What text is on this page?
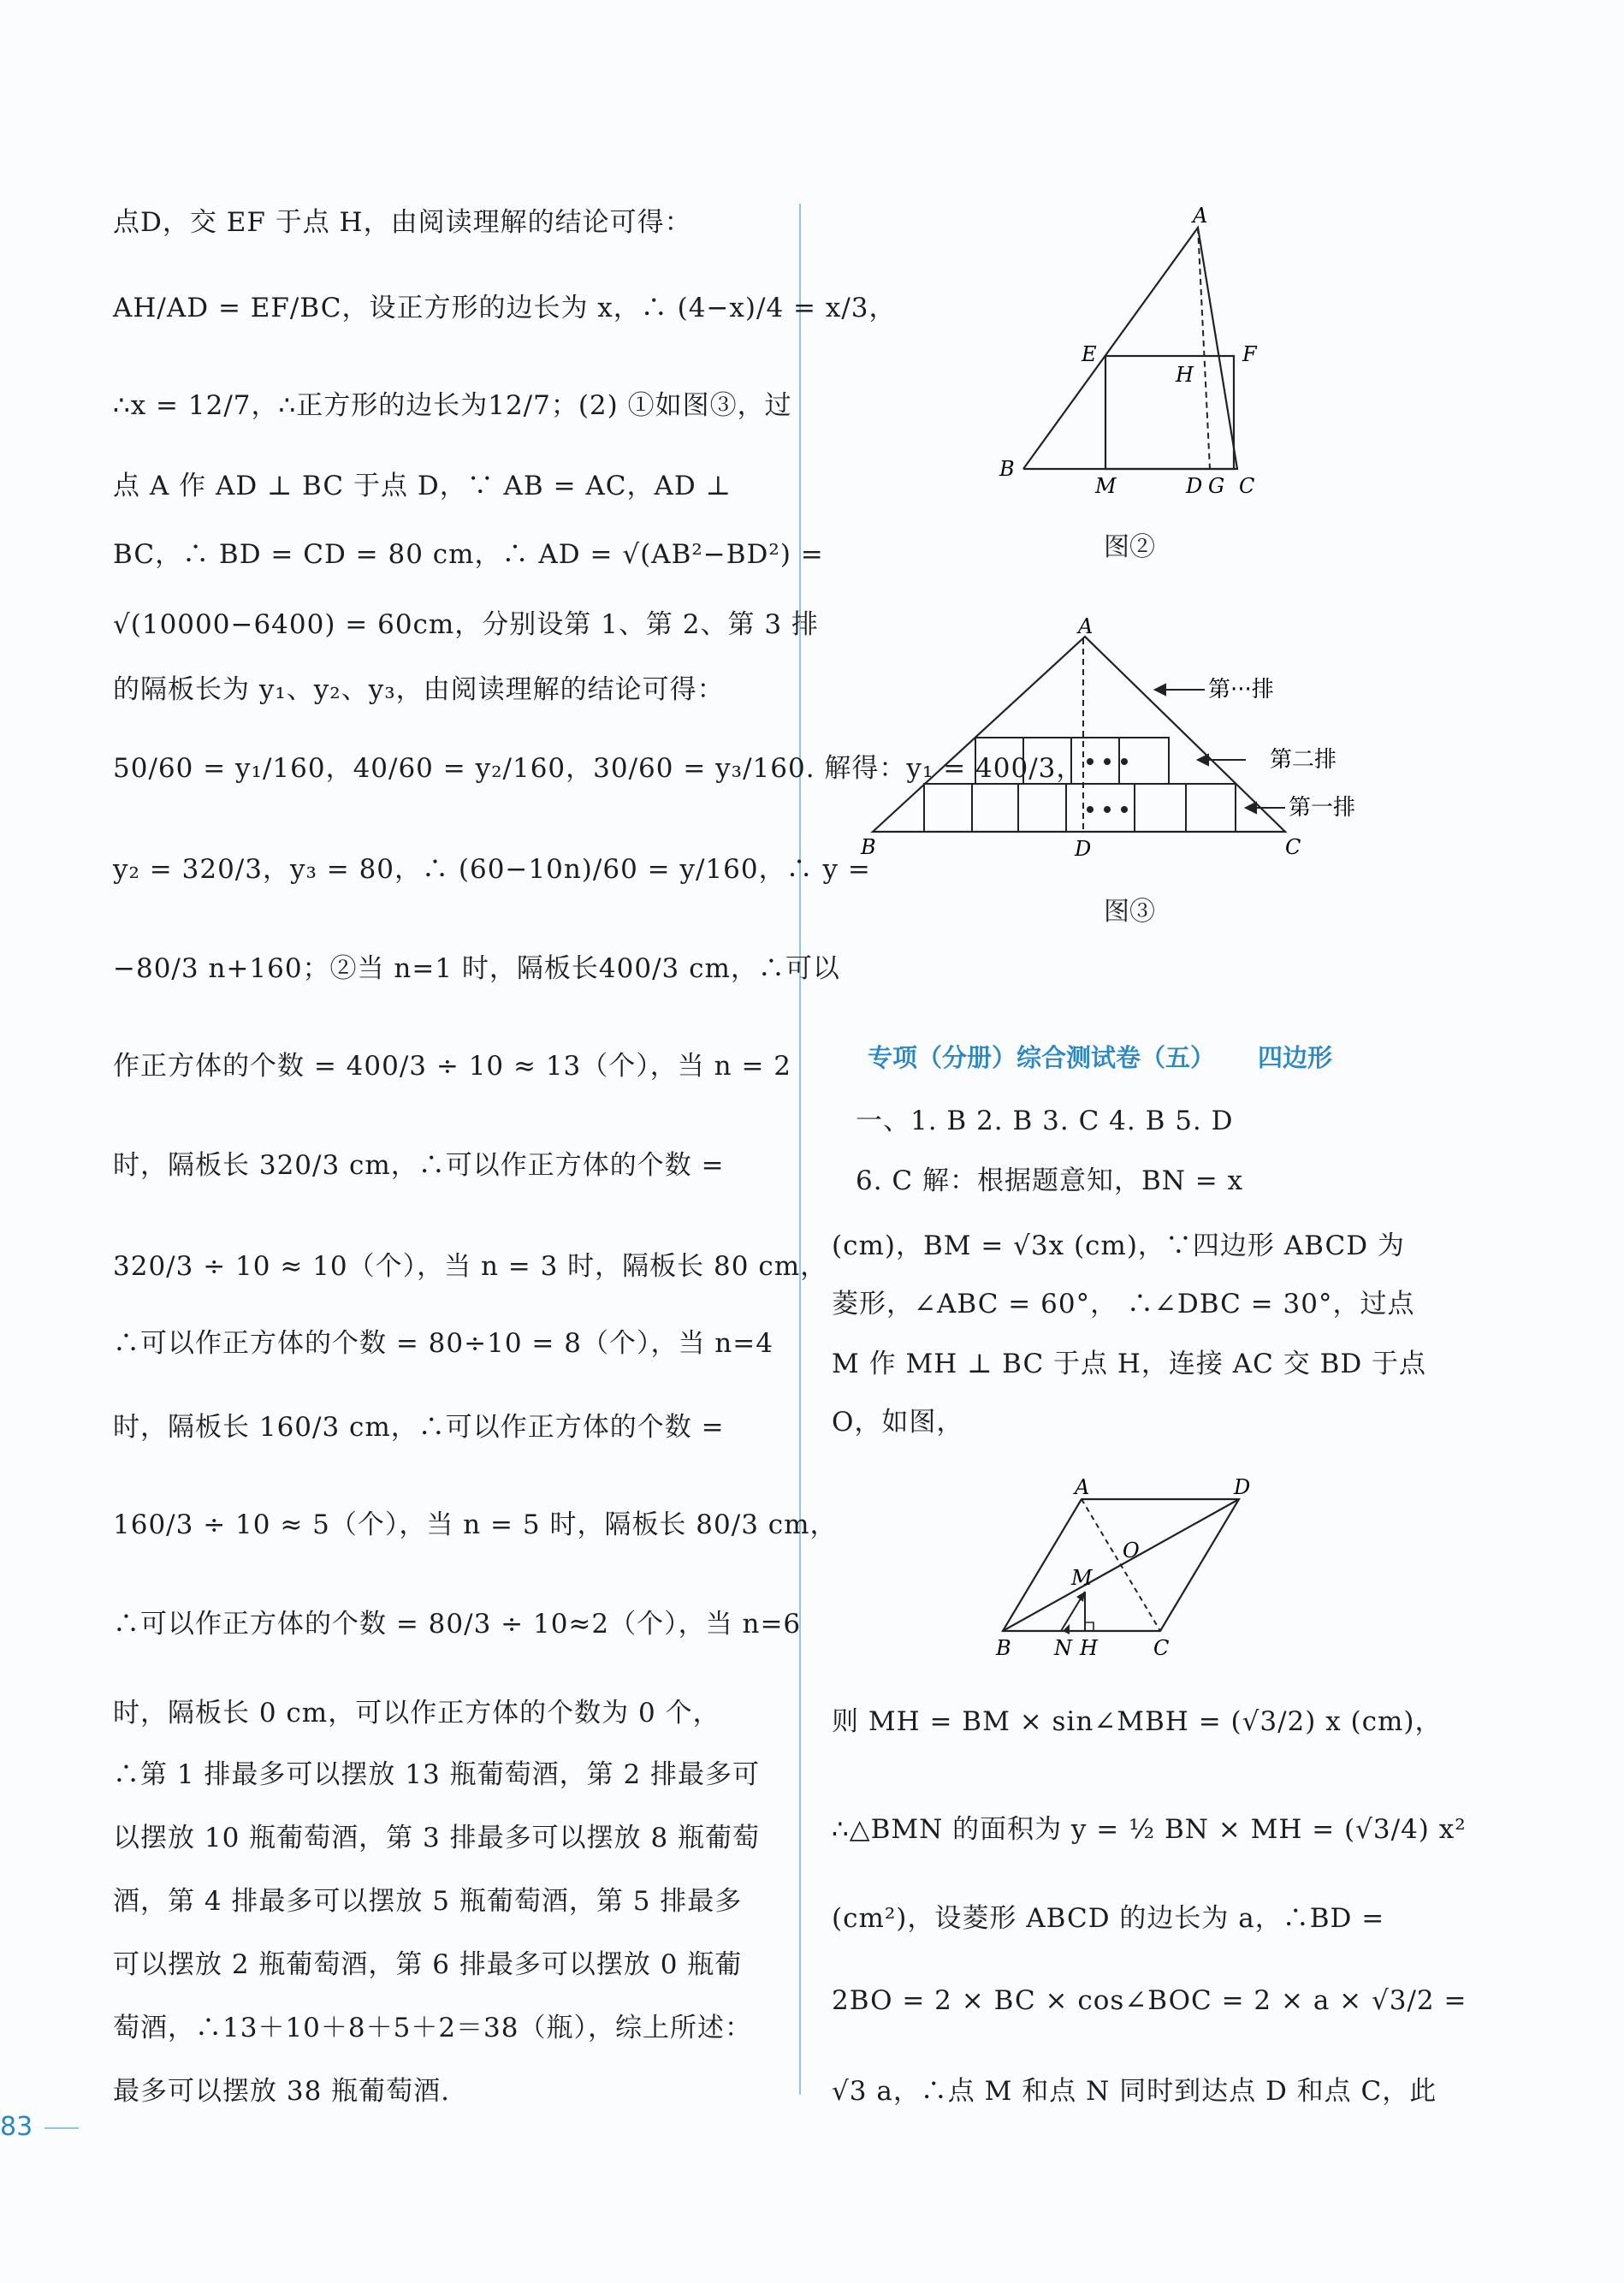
点D，交 EF 于点 H，由阅读理解的结论可得：
AH/AD = EF/BC，设正方形的边长为 x，∴ (4−x)/4 = x/3，
∴x = 12/7，∴正方形的边长为12/7；(2) ①如图③，过
点 A 作 AD ⊥ BC 于点 D，∵ AB = AC，AD ⊥
BC，∴ BD = CD = 80 cm，∴ AD = √(AB²−BD²) =
√(10000−6400) = 60cm，分别设第 1、第 2、第 3 排
的隔板长为 y₁、y₂、y₃，由阅读理解的结论可得：
50/60 = y₁/160，40/60 = y₂/160，30/60 = y₃/160. 解得：y₁ = 400/3，
y₂ = 320/3，y₃ = 80，∴ (60−10n)/60 = y/160，∴ y =
−80/3 n+160；②当 n=1 时，隔板长400/3 cm，∴可以
作正方体的个数 = 400/3 ÷ 10 ≈ 13（个），当 n = 2
时，隔板长 320/3 cm，∴可以作正方体的个数 =
320/3 ÷ 10 ≈ 10（个），当 n = 3 时，隔板长 80 cm，
∴可以作正方体的个数 = 80÷10 = 8（个），当 n=4
时，隔板长 160/3 cm，∴可以作正方体的个数 =
160/3 ÷ 10 ≈ 5（个），当 n = 5 时，隔板长 80/3 cm，
∴可以作正方体的个数 = 80/3 ÷ 10≈2（个），当 n=6
时，隔板长 0 cm，可以作正方体的个数为 0 个，
∴第 1 排最多可以摆放 13 瓶葡萄酒，第 2 排最多可
以摆放 10 瓶葡萄酒，第 3 排最多可以摆放 8 瓶葡萄
酒，第 4 排最多可以摆放 5 瓶葡萄酒，第 5 排最多
可以摆放 2 瓶葡萄酒，第 6 排最多可以摆放 0 瓶葡
萄酒，∴13＋10＋8＋5＋2＝38（瓶），综上所述：
最多可以摆放 38 瓶葡萄酒.
A
E	F
H
B
M	D G C
图②
第···排
第二排
第一排
A
B	D	C
图③
专项（分册）综合测试卷（五） 四边形
一、1. B 2. B 3. C 4. B 5. D
6. C 解：根据题意知，BN = x
(cm)，BM = √3x (cm)，∵四边形 ABCD 为
菱形，∠ABC = 60°， ∴∠DBC = 30°，过点
M 作 MH ⊥ BC 于点 H，连接 AC 交 BD 于点
O，如图，
则 MH = BM × sin∠MBH = (√3/2) x (cm)，
∴△BMN 的面积为 y = ½ BN × MH = (√3/4) x²
(cm²)，设菱形 ABCD 的边长为 a，∴BD =
2BO = 2 × BC × cos∠BOC = 2 × a × √3/2 =
√3 a，∴点 M 和点 N 同时到达点 D 和点 C，此
A	D
O
M
B N H	C
83
